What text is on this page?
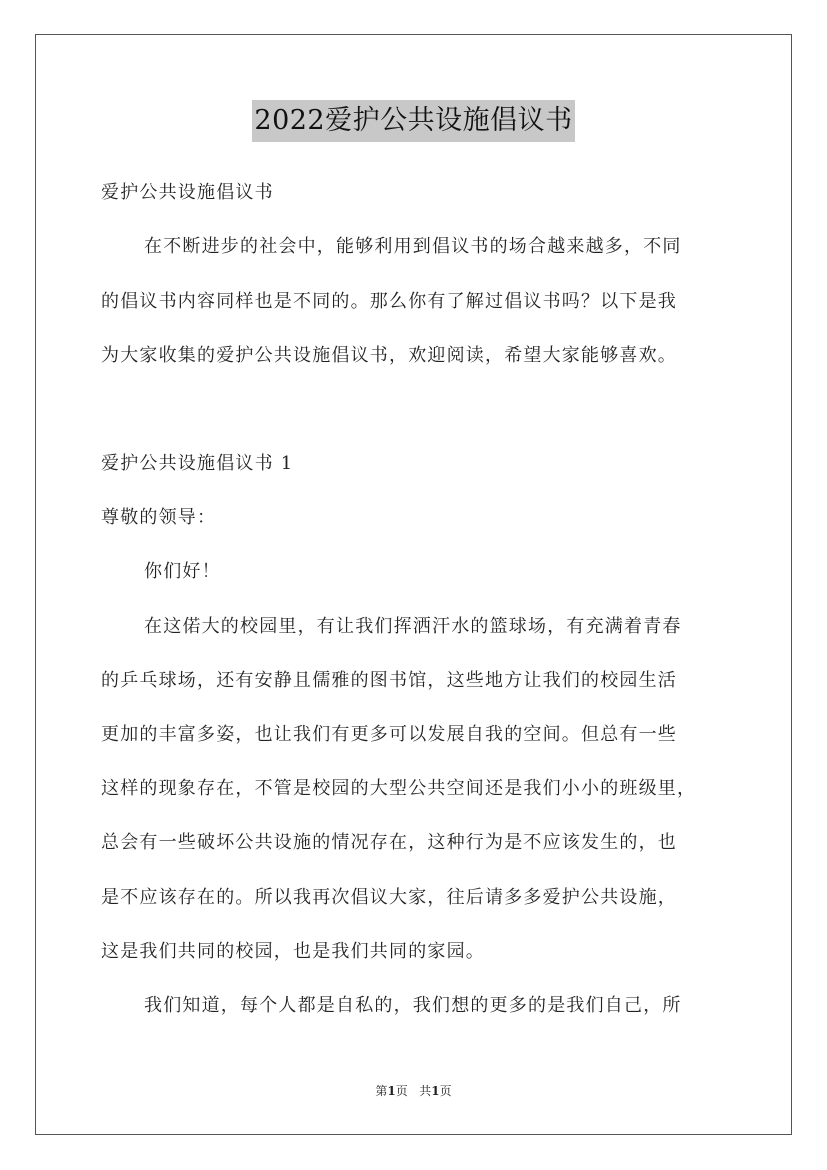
2022爱护公共设施倡议书
爱护公共设施倡议书
在不断进步的社会中，能够利用到倡议书的场合越来越多，不同
的倡议书内容同样也是不同的。那么你有了解过倡议书吗？以下是我
为大家收集的爱护公共设施倡议书，欢迎阅读，希望大家能够喜欢。
爱护公共设施倡议书 1
尊敬的领导：
你们好！
在这偌大的校园里，有让我们挥洒汗水的篮球场，有充满着青春
的乒乓球场，还有安静且儒雅的图书馆，这些地方让我们的校园生活
更加的丰富多姿，也让我们有更多可以发展自我的空间。但总有一些
这样的现象存在，不管是校园的大型公共空间还是我们小小的班级里，
总会有一些破坏公共设施的情况存在，这种行为是不应该发生的，也
是不应该存在的。所以我再次倡议大家，往后请多多爱护公共设施，
这是我们共同的校园，也是我们共同的家园。
我们知道，每个人都是自私的，我们想的更多的是我们自己，所
第1页   共1页
